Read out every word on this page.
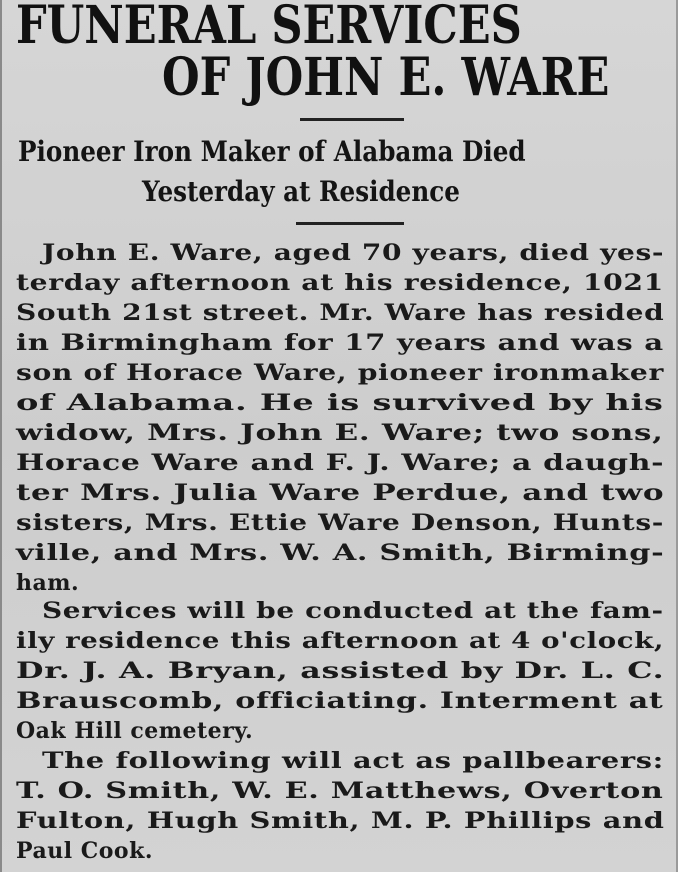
FUNERAL SERVICES
OF JOHN E. WARE
Pioneer Iron Maker of Alabama Died
Yesterday at Residence

John E. Ware, aged 70 years, died yes-

terday afternoon at his residence, 1021

South 21st street. Mr. Ware has resided

in Birmingham for 17 years and was a

son of Horace Ware, pioneer ironmaker

of Alabama. He is survived by his

widow, Mrs. John E. Ware; two sons,

Horace Ware and F. J. Ware; a daugh-

ter Mrs. Julia Ware Perdue, and two

sisters, Mrs. Ettie Ware Denson, Hunts-

ville, and Mrs. W. A. Smith, Birming-

ham.

Services will be conducted at the fam-

ily residence this afternoon at 4 o'clock,

Dr. J. A. Bryan, assisted by Dr. L. C.

Brauscomb, officiating. Interment at

Oak Hill cemetery.

The following will act as pallbearers:

T. O. Smith, W. E. Matthews, Overton

Fulton, Hugh Smith, M. P. Phillips and

Paul Cook.
